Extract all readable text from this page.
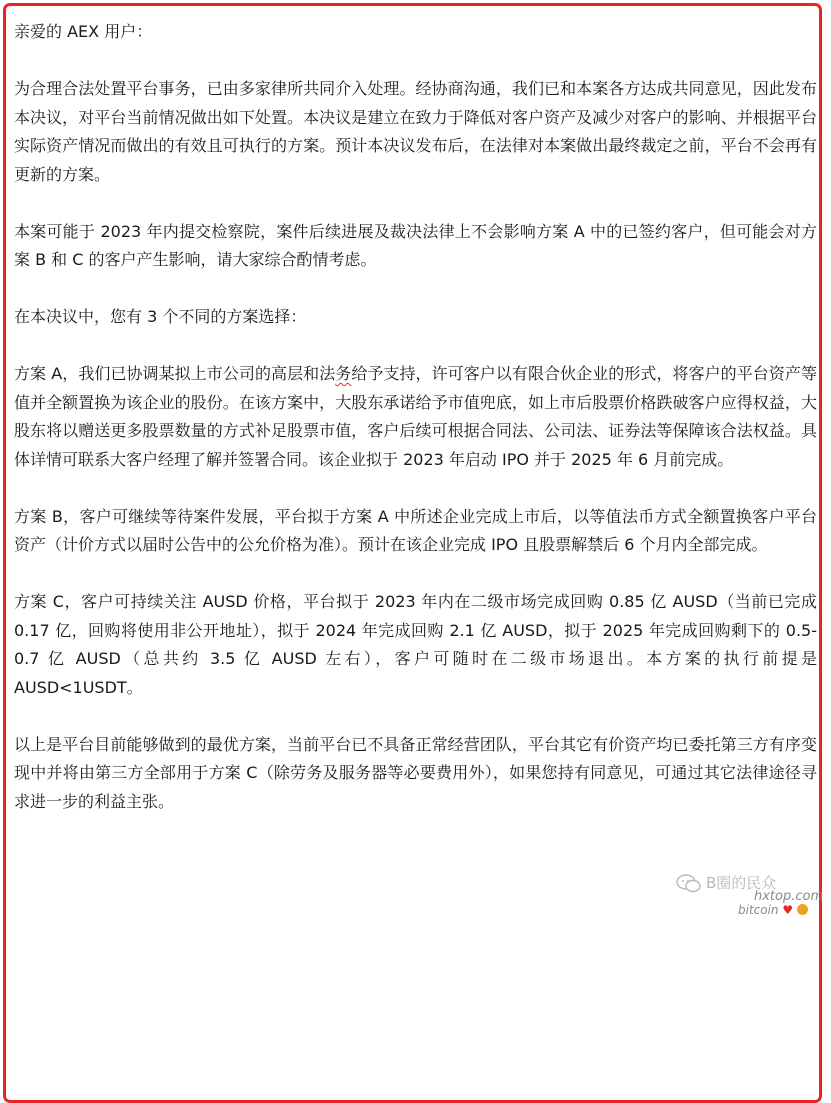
亲爱的 AEX 用户：

为合理合法处置平台事务，已由多家律所共同介入处理。经协商沟通，我们已和本案各方达成共同意见，因此发布本决议，对平台当前情况做出如下处置。本决议是建立在致力于降低对客户资产及减少对客户的影响、并根据平台实际资产情况而做出的有效且可执行的方案。预计本决议发布后，在法律对本案做出最终裁定之前，平台不会再有更新的方案。

本案可能于 2023 年内提交检察院，案件后续进展及裁决法律上不会影响方案 A 中的已签约客户，但可能会对方案 B 和 C 的客户产生影响，请大家综合酌情考虑。

在本决议中，您有 3 个不同的方案选择：

方案 A，我们已协调某拟上市公司的高层和法务给予支持，许可客户以有限合伙企业的形式，将客户的平台资产等值并全额置换为该企业的股份。在该方案中，大股东承诺给予市值兜底，如上市后股票价格跌破客户应得权益，大股东将以赠送更多股票数量的方式补足股票市值，客户后续可根据合同法、公司法、证券法等保障该合法权益。具体详情可联系大客户经理了解并签署合同。该企业拟于 2023 年启动 IPO 并于 2025 年 6 月前完成。

方案 B，客户可继续等待案件发展，平台拟于方案 A 中所述企业完成上市后，以等值法币方式全额置换客户平台资产（计价方式以届时公告中的公允价格为准）。预计在该企业完成 IPO 且股票解禁后 6 个月内全部完成。

方案 C，客户可持续关注 AUSD 价格，平台拟于 2023 年内在二级市场完成回购 0.85 亿 AUSD（当前已完成 0.17 亿，回购将使用非公开地址），拟于 2024 年完成回购 2.1 亿 AUSD，拟于 2025 年完成回购剩下的 0.5-0.7 亿 AUSD（总共约 3.5 亿 AUSD 左右），客户可随时在二级市场退出。本方案的执行前提是 AUSD<1USDT。

以上是平台目前能够做到的最优方案，当前平台已不具备正常经营团队，平台其它有价资产均已委托第三方有序变现中并将由第三方全部用于方案 C（除劳务及服务器等必要费用外），如果您持有同意见，可通过其它法律途径寻求进一步的利益主张。

B圈的民众
hxtop.com
bitcoin ♥
